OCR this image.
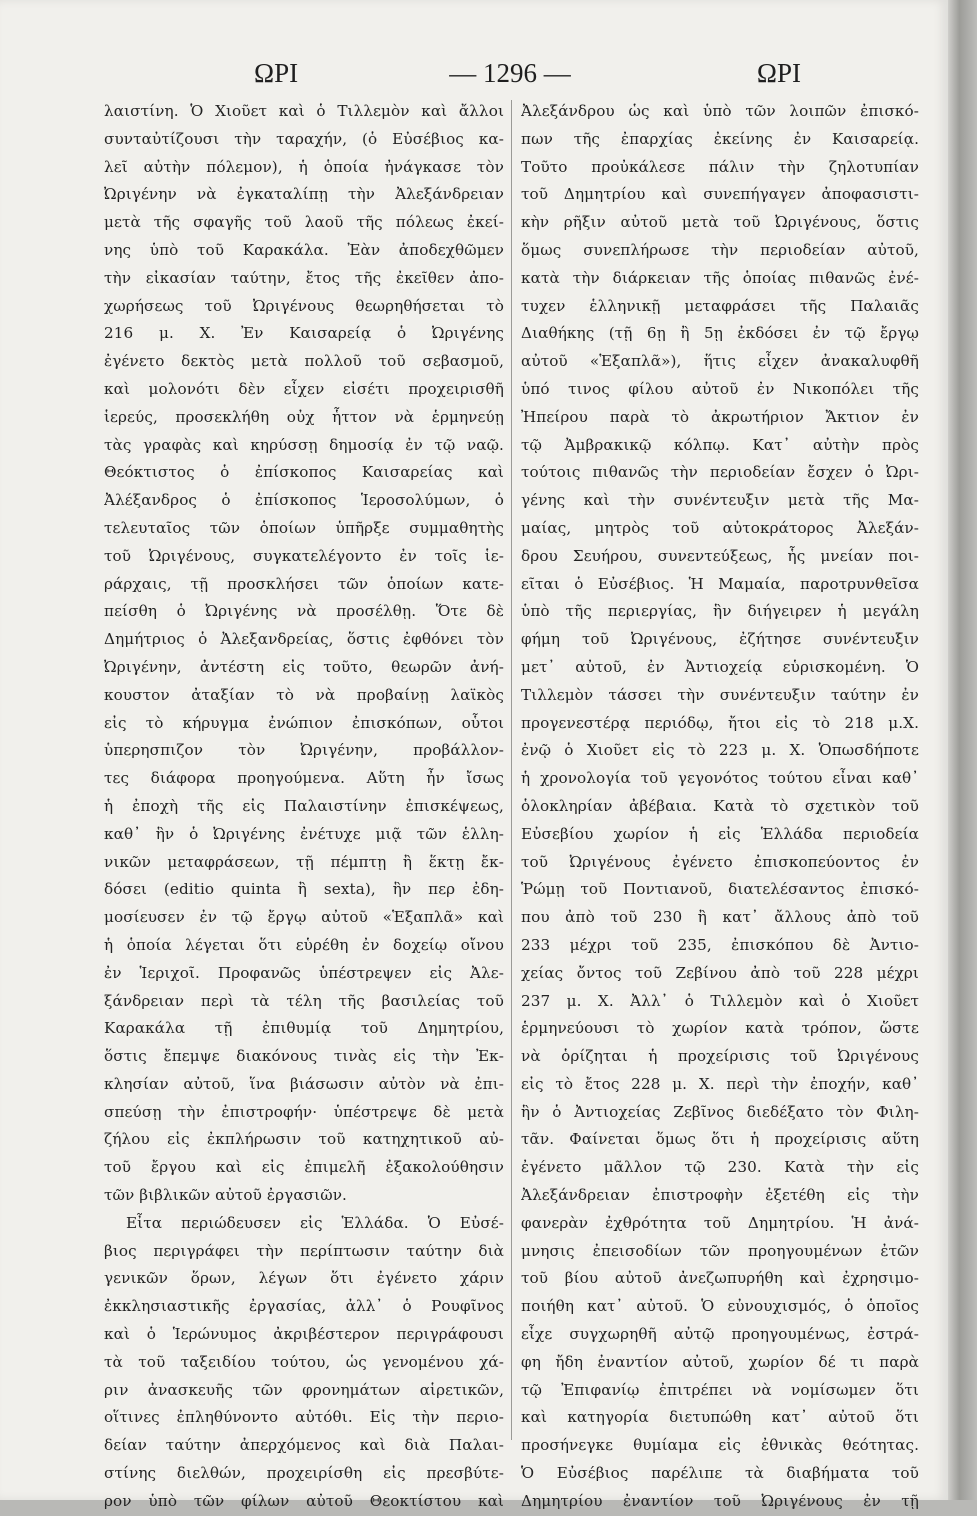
ΩΡΙ	— 1296 —	ΩΡΙ
λαιστίνη. Ὁ Χιοῦετ καὶ ὁ Τιλλεμὸν καὶ ἄλλοι
συνταὐτίζουσι τὴν ταραχήν, (ὁ Εὐσέβιος κα-
λεῖ αὐτὴν πόλεμον), ἡ ὁποία ἠνάγκασε τὸν
Ὠριγένην νὰ ἐγκαταλίπῃ τὴν Ἀλεξάνδρειαν
μετὰ τῆς σφαγῆς τοῦ λαοῦ τῆς πόλεως ἐκεί-
νης ὑπὸ τοῦ Καρακάλα. Ἐὰν ἀποδεχθῶμεν
τὴν εἰκασίαν ταύτην, ἔτος τῆς ἐκεῖθεν ἀπο-
χωρήσεως τοῦ Ὠριγένους θεωρηθήσεται τὸ
216 μ. Χ. Ἐν Καισαρείᾳ ὁ Ὠριγένης
ἐγένετο δεκτὸς μετὰ πολλοῦ τοῦ σεβασμοῦ,
καὶ μολονότι δὲν εἶχεν εἰσέτι προχειρισθῆ
ἱερεύς, προσεκλήθη οὐχ ἧττον νὰ ἑρμηνεύῃ
τὰς γραφὰς καὶ κηρύσσῃ δημοσίᾳ ἐν τῷ ναῷ.
Θεόκτιστος ὁ ἐπίσκοπος Καισαρείας καὶ
Ἀλέξανδρος ὁ ἐπίσκοπος Ἱεροσολύμων, ὁ
τελευταῖος τῶν ὁποίων ὑπῆρξε συμμαθητὴς
τοῦ Ὠριγένους, συγκατελέγοντο ἐν τοῖς ἱε-
ράρχαις, τῇ προσκλήσει τῶν ὁποίων κατε-
πείσθη ὁ Ὠριγένης νὰ προσέλθῃ. Ὅτε δὲ
Δημήτριος ὁ Ἀλεξανδρείας, ὅστις ἐφθόνει τὸν
Ὠριγένην, ἀντέστη εἰς τοῦτο, θεωρῶν ἀνή-
κουστον ἀταξίαν τὸ νὰ προβαίνῃ λαϊκὸς
εἰς τὸ κήρυγμα ἐνώπιον ἐπισκόπων, οὗτοι
ὑπερησπιζον τὸν Ὠριγένην, προβάλλον-
τες διάφορα προηγούμενα. Αὕτη ἦν ἴσως
ἡ ἐποχὴ τῆς εἰς Παλαιστίνην ἐπισκέψεως,
καθ᾽ ἣν ὁ Ὠριγένης ἐνέτυχε μιᾷ τῶν ἑλλη-
νικῶν μεταφράσεων, τῇ πέμπτῃ ἢ ἕκτῃ ἔκ-
δόσει (editio quinta ἢ sexta), ἣν περ ἐδη-
μοσίευσεν ἐν τῷ ἔργῳ αὐτοῦ «Ἑξαπλᾶ» καὶ
ἡ ὁποία λέγεται ὅτι εὑρέθη ἐν δοχείῳ οἴνου
ἐν Ἱεριχοῖ. Προφανῶς ὑπέστρεψεν εἰς Ἀλε-
ξάνδρειαν περὶ τὰ τέλη τῆς βασιλείας τοῦ
Καρακάλα τῇ ἐπιθυμίᾳ τοῦ Δημητρίου,
ὅστις ἔπεμψε διακόνους τινὰς εἰς τὴν Ἐκ-
κλησίαν αὐτοῦ, ἵνα βιάσωσιν αὐτὸν νὰ ἐπι-
σπεύσῃ τὴν ἐπιστροφήν· ὑπέστρεψε δὲ μετὰ
ζήλου εἰς ἐκπλήρωσιν τοῦ κατηχητικοῦ αὐ-
τοῦ ἔργου καὶ εἰς ἐπιμελῆ ἐξακολούθησιν
τῶν βιβλικῶν αὐτοῦ ἐργασιῶν.
Εἶτα περιώδευσεν εἰς Ἑλλάδα. Ὁ Εὐσέ-
βιος περιγράφει τὴν περίπτωσιν ταύτην διὰ
γενικῶν ὅρων, λέγων ὅτι ἐγένετο χάριν
ἐκκλησιαστικῆς ἐργασίας, ἀλλ᾽ ὁ Ρουφῖνος
καὶ ὁ Ἱερώνυμος ἀκριβέστερον περιγράφουσι
τὰ τοῦ ταξειδίου τούτου, ὡς γενομένου χά-
ριν ἀνασκευῆς τῶν φρονημάτων αἱρετικῶν,
οἵτινες ἐπληθύνοντο αὐτόθι. Εἰς τὴν περιο-
δείαν ταύτην ἀπερχόμενος καὶ διὰ Παλαι-
στίνης διελθών, προχειρίσθη εἰς πρεσβύτε-
ρον ὑπὸ τῶν φίλων αὐτοῦ Θεοκτίστου καὶ
Ἀλεξάνδρου ὡς καὶ ὑπὸ τῶν λοιπῶν ἐπισκό-
πων τῆς ἐπαρχίας ἐκείνης ἐν Καισαρείᾳ.
Τοῦτο προὐκάλεσε πάλιν τὴν ζηλοτυπίαν
τοῦ Δημητρίου καὶ συνεπήγαγεν ἀποφασιστι-
κὴν ρῆξιν αὐτοῦ μετὰ τοῦ Ὠριγένους, ὅστις
ὅμως συνεπλήρωσε τὴν περιοδείαν αὐτοῦ,
κατὰ τὴν διάρκειαν τῆς ὁποίας πιθανῶς ἐνέ-
τυχεν ἑλληνικῇ μεταφράσει τῆς Παλαιᾶς
Διαθήκης (τῇ 6ῃ ἢ 5ῃ ἐκδόσει ἐν τῷ ἔργῳ
αὐτοῦ «Ἑξαπλᾶ»), ἥτις εἶχεν ἀνακαλυφθῆ
ὑπό τινος φίλου αὐτοῦ ἐν Νικοπόλει τῆς
Ἠπείρου παρὰ τὸ ἀκρωτήριον Ἄκτιον ἐν
τῷ Ἀμβρακικῷ κόλπῳ. Κατ᾽ αὐτὴν πρὸς
τούτοις πιθανῶς τὴν περιοδείαν ἔσχεν ὁ Ὠρι-
γένης καὶ τὴν συνέντευξιν μετὰ τῆς Μα-
μαίας, μητρὸς τοῦ αὐτοκράτορος Ἀλεξάν-
δρου Σευήρου, συνεντεύξεως, ἧς μνείαν ποι-
εῖται ὁ Εὐσέβιος. Ἡ Μαμαία, παροτρυνθεῖσα
ὑπὸ τῆς περιεργίας, ἣν διήγειρεν ἡ μεγάλη
φήμη τοῦ Ὠριγένους, ἐζήτησε συνέντευξιν
μετ᾽ αὐτοῦ, ἐν Ἀντιοχείᾳ εὑρισκομένη. Ὁ
Τιλλεμὸν τάσσει τὴν συνέντευξιν ταύτην ἐν
προγενεστέρᾳ περιόδῳ, ἤτοι εἰς τὸ 218 μ.Χ.
ἐνῷ ὁ Χιοῦετ εἰς τὸ 223 μ. Χ. Ὁπωσδήποτε
ἡ χρονολογία τοῦ γεγονότος τούτου εἶναι καθ᾽
ὁλοκληρίαν ἀβέβαια. Κατὰ τὸ σχετικὸν τοῦ
Εὐσεβίου χωρίον ἡ εἰς Ἑλλάδα περιοδεία
τοῦ Ὠριγένους ἐγένετο ἐπισκοπεύοντος ἐν
Ῥώμῃ τοῦ Ποντιανοῦ, διατελέσαντος ἐπισκό-
που ἀπὸ τοῦ 230 ἢ κατ᾽ ἄλλους ἀπὸ τοῦ
233 μέχρι τοῦ 235, ἐπισκόπου δὲ Ἀντιο-
χείας ὄντος τοῦ Ζεβίνου ἀπὸ τοῦ 228 μέχρι
237 μ. Χ. Ἀλλ᾽ ὁ Τιλλεμὸν καὶ ὁ Χιοῦετ
ἑρμηνεύουσι τὸ χωρίον κατὰ τρόπον, ὥστε
νὰ ὁρίζηται ἡ προχείρισις τοῦ Ὠριγένους
εἰς τὸ ἔτος 228 μ. Χ. περὶ τὴν ἐποχήν, καθ᾽
ἣν ὁ Ἀντιοχείας Ζεβῖνος διεδέξατο τὸν Φιλη-
τᾶν. Φαίνεται ὅμως ὅτι ἡ προχείρισις αὕτη
ἐγένετο μᾶλλον τῷ 230. Κατὰ τὴν εἰς
Ἀλεξάνδρειαν ἐπιστροφὴν ἐξετέθη εἰς τὴν
φανερὰν ἐχθρότητα τοῦ Δημητρίου. Ἡ ἀνά-
μνησις ἐπεισοδίων τῶν προηγουμένων ἐτῶν
τοῦ βίου αὐτοῦ ἀνεζωπυρήθη καὶ ἐχρησιμο-
ποιήθη κατ᾽ αὐτοῦ. Ὁ εὐνουχισμός, ὁ ὁποῖος
εἶχε συγχωρηθῆ αὐτῷ προηγουμένως, ἐστρά-
φη ἤδη ἐναντίον αὐτοῦ, χωρίον δέ τι παρὰ
τῷ Ἐπιφανίῳ ἐπιτρέπει νὰ νομίσωμεν ὅτι
καὶ κατηγορία διετυπώθη κατ᾽ αὐτοῦ ὅτι
προσήνεγκε θυμίαμα εἰς ἐθνικὰς θεότητας.
Ὁ Εὐσέβιος παρέλιπε τὰ διαβήματα τοῦ
Δημητρίου ἐναντίον τοῦ Ὠριγένους ἐν τῇ
